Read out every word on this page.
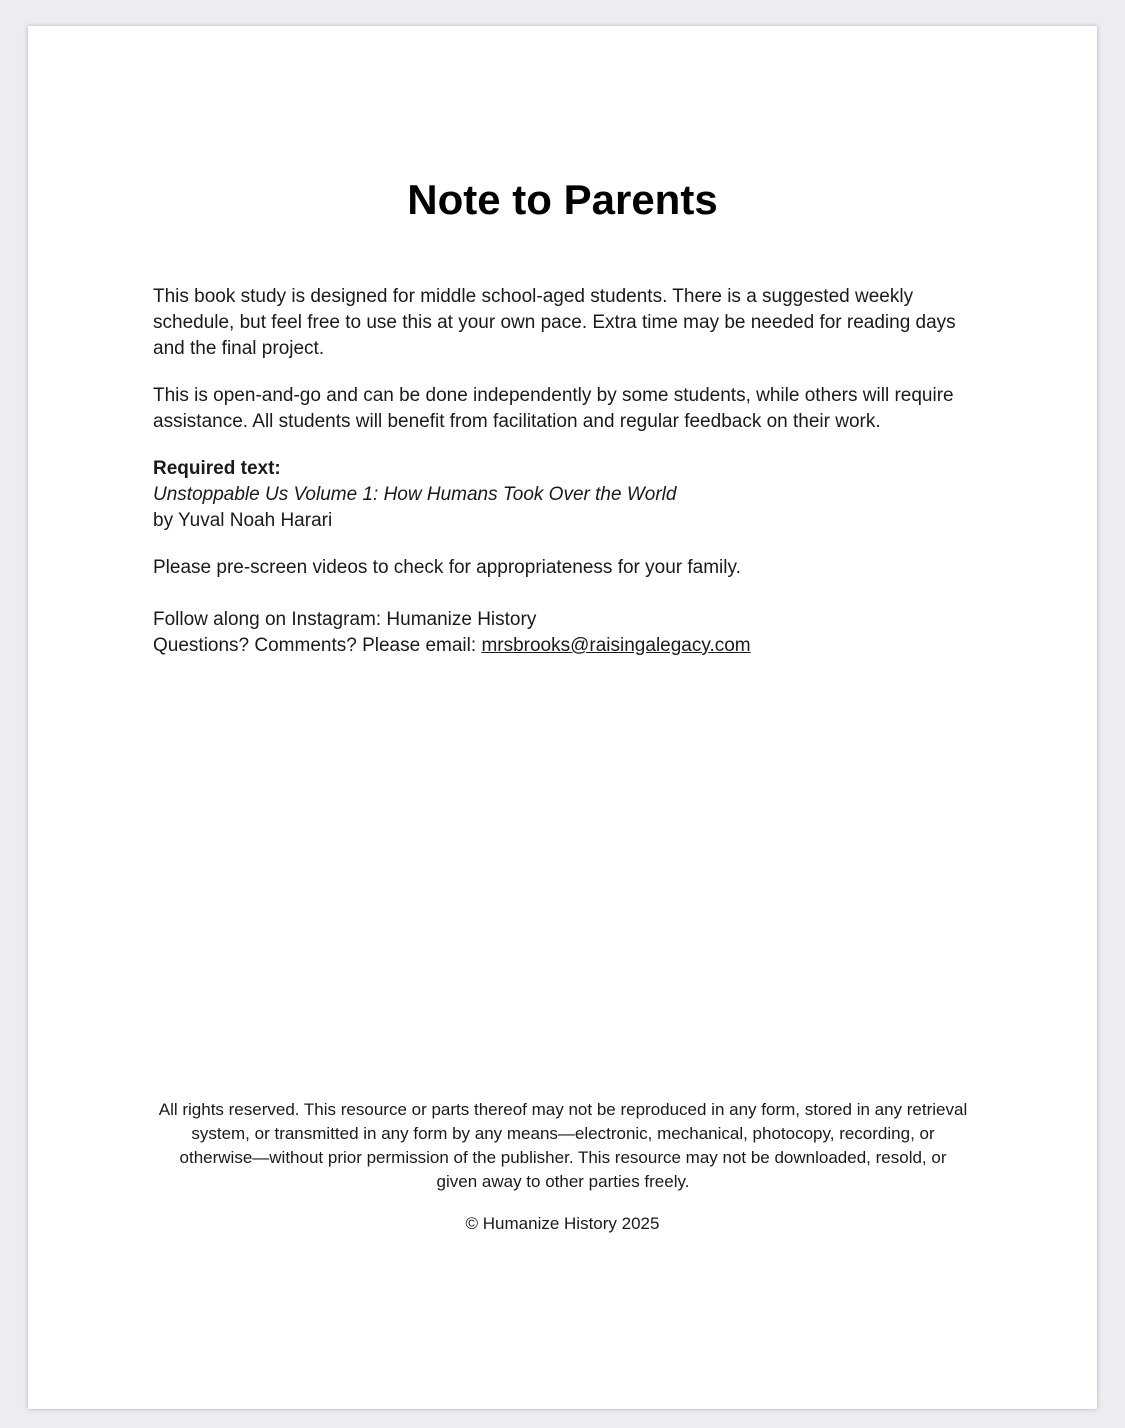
Note to Parents

This book study is designed for middle school-aged students. There is a suggested weekly schedule, but feel free to use this at your own pace. Extra time may be needed for reading days and the final project.

This is open-and-go and can be done independently by some students, while others will require assistance. All students will benefit from facilitation and regular feedback on their work.

Required text:
Unstoppable Us Volume 1: How Humans Took Over the World
by Yuval Noah Harari

Please pre-screen videos to check for appropriateness for your family.

Follow along on Instagram: Humanize History
Questions? Comments? Please email: mrsbrooks@raisingalegacy.com

All rights reserved. This resource or parts thereof may not be reproduced in any form, stored in any retrieval system, or transmitted in any form by any means—electronic, mechanical, photocopy, recording, or otherwise—without prior permission of the publisher. This resource may not be downloaded, resold, or given away to other parties freely.
© Humanize History 2025
